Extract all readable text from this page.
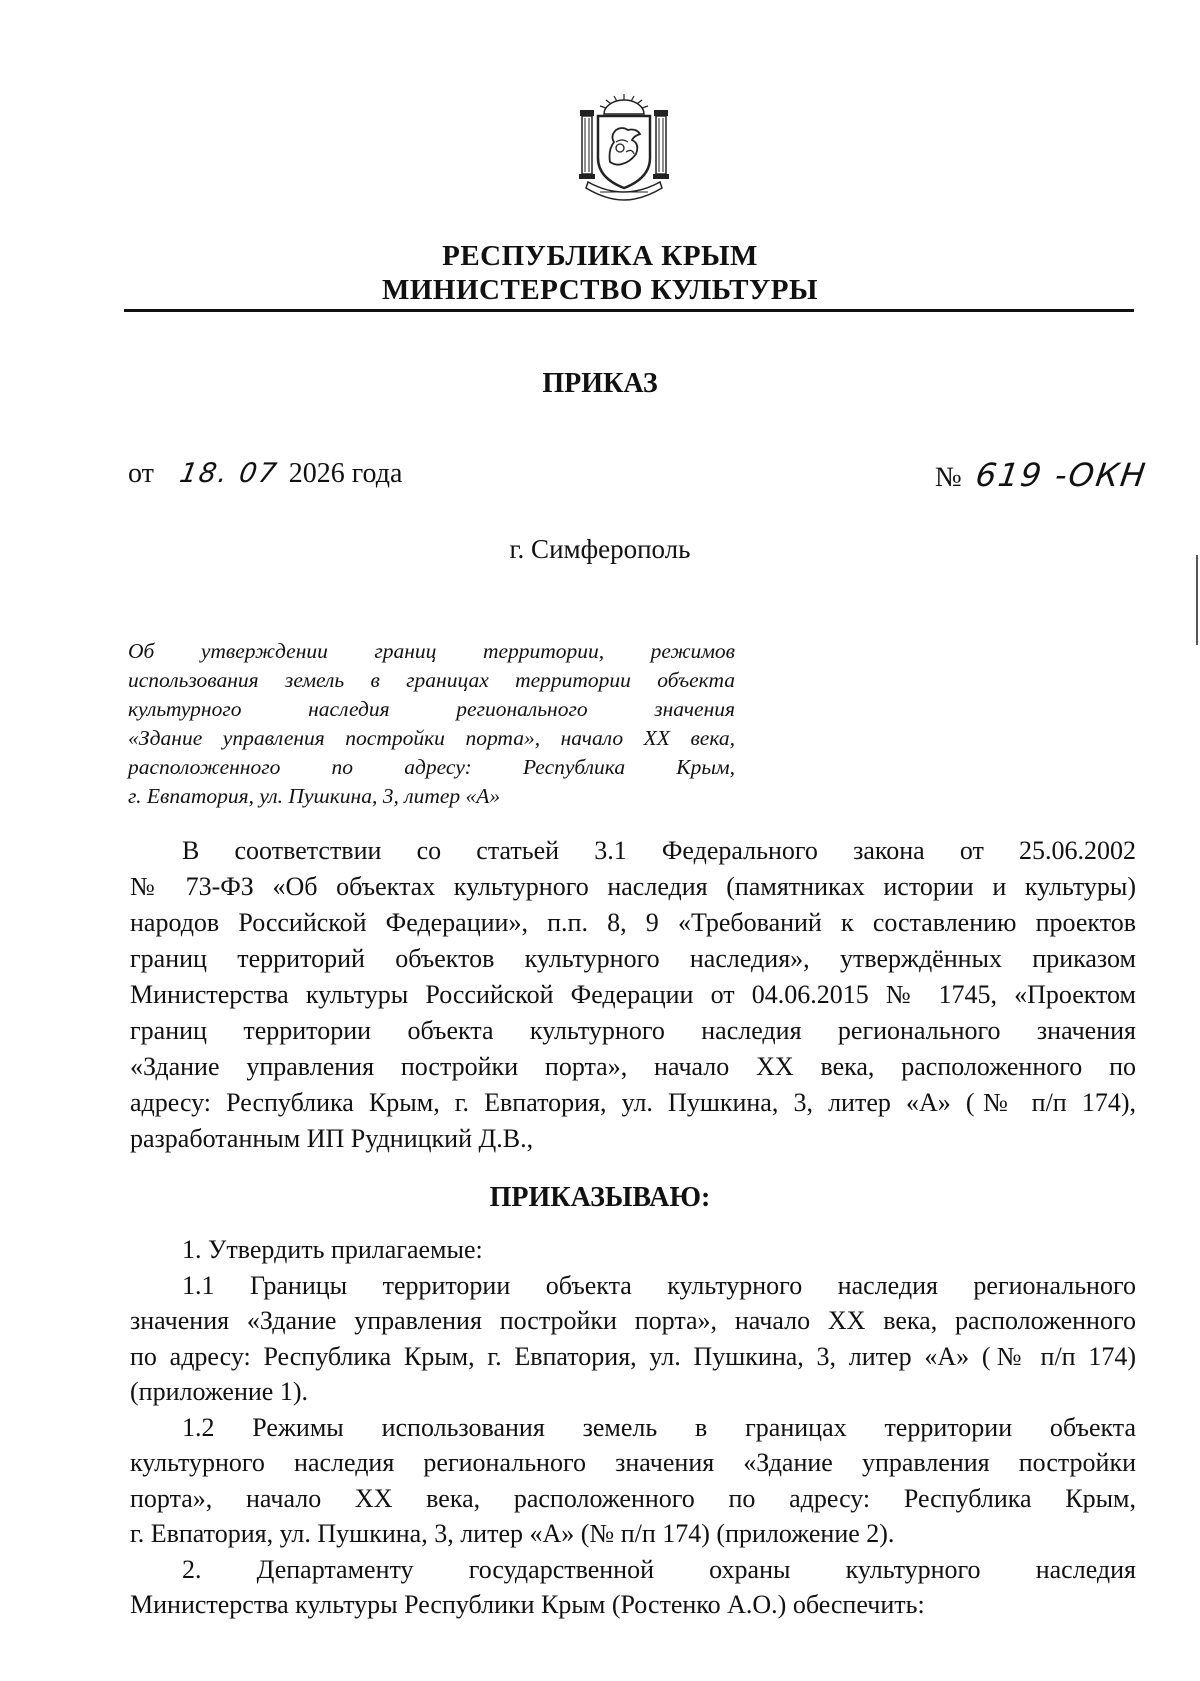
РЕСПУБЛИКА КРЫМ
МИНИСТЕРСТВО КУЛЬТУРЫ
ПРИКАЗ
от 18. 07 2026 года	№ 619 -ОКН
г. Симферополь

Об утверждении границ территории, режимов

использования земель в границах территории объекта

культурного наследия регионального значения

«Здание управления постройки порта», начало XX века,

расположенного по адресу: Республика Крым,

г. Евпатория, ул. Пушкина, 3, литер «А»

В соответствии со статьей 3.1 Федерального закона от 25.06.2002

№ 73-ФЗ «Об объектах культурного наследия (памятниках истории и культуры)

народов Российской Федерации», п.п. 8, 9 «Требований к составлению проектов

границ территорий объектов культурного наследия», утверждённых приказом

Министерства культуры Российской Федерации от 04.06.2015 № 1745, «Проектом

границ территории объекта культурного наследия регионального значения

«Здание управления постройки порта», начало XX века, расположенного по

адресу: Республика Крым, г. Евпатория, ул. Пушкина, 3, литер «А» (№ п/п 174),

разработанным ИП Рудницкий Д.В.,

ПРИКАЗЫВАЮ:

1. Утвердить прилагаемые:

1.1 Границы территории объекта культурного наследия регионального

значения «Здание управления постройки порта», начало XX века, расположенного

по адресу: Республика Крым, г. Евпатория, ул. Пушкина, 3, литер «А» (№ п/п 174)

(приложение 1).

1.2 Режимы использования земель в границах территории объекта

культурного наследия регионального значения «Здание управления постройки

порта», начало XX века, расположенного по адресу: Республика Крым,

г. Евпатория, ул. Пушкина, 3, литер «А» (№ п/п 174) (приложение 2).

2. Департаменту государственной охраны культурного наследия

Министерства культуры Республики Крым (Ростенко А.О.) обеспечить:
